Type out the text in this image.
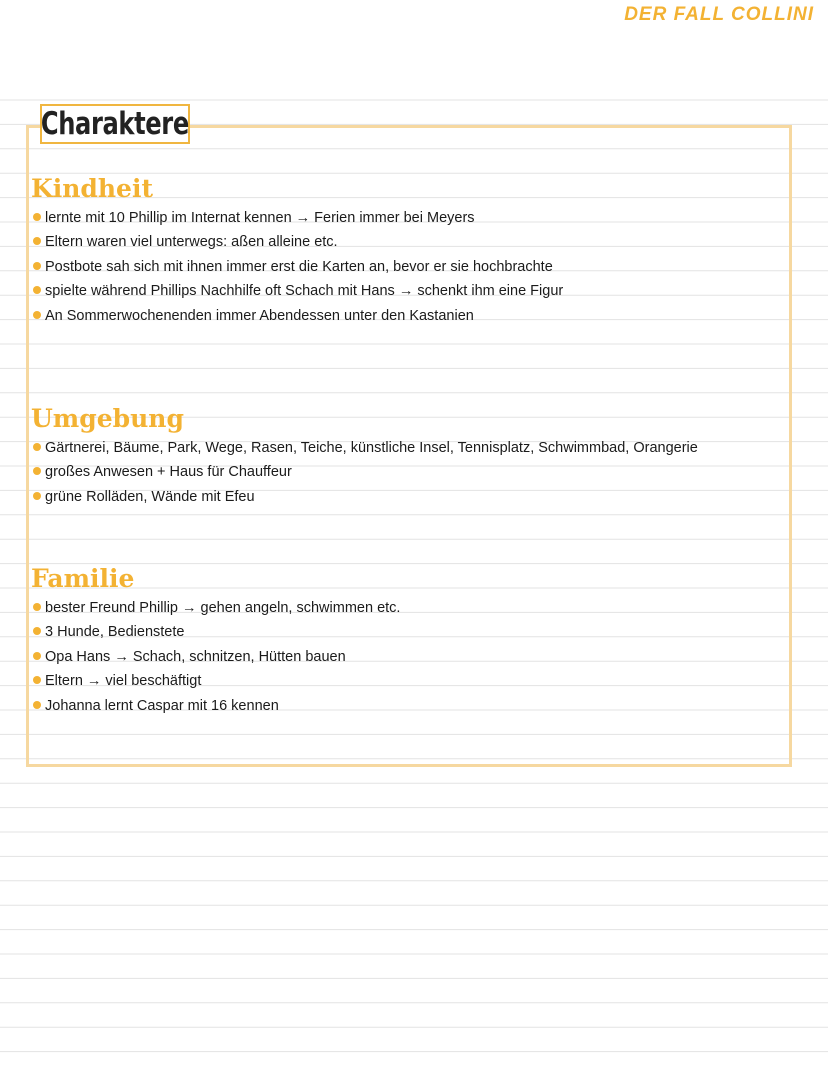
DER FALL COLLINI
Charaktere
Kindheit
lernte mit 10 Phillip im Internat kennen → Ferien immer bei Meyers
Eltern waren viel unterwegs: aßen alleine etc.
Postbote sah sich mit ihnen immer erst die Karten an, bevor er sie hochbrachte
spielte während Phillips Nachhilfe oft Schach mit Hans → schenkt ihm eine Figur
An Sommerwochenenden immer Abendessen unter den Kastanien
Umgebung
Gärtnerei, Bäume, Park, Wege, Rasen, Teiche, künstliche Insel, Tennisplatz, Schwimmbad, Orangerie
großes Anwesen + Haus für Chauffeur
grüne Rolläden, Wände mit Efeu
Familie
bester Freund Phillip → gehen angeln, schwimmen etc.
3 Hunde, Bedienstete
Opa Hans → Schach, schnitzen, Hütten bauen
Eltern → viel beschäftigt
Johanna lernt Caspar mit 16 kennen
